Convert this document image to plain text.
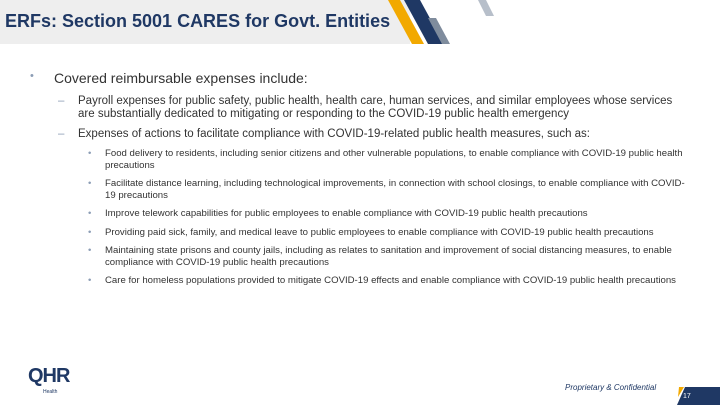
ERFs: Section 5001 CARES for Govt. Entities
• Covered reimbursable expenses include:
– Payroll expenses for public safety, public health, health care, human services, and similar employees whose services are substantially dedicated to mitigating or responding to the COVID-19 public health emergency
– Expenses of actions to facilitate compliance with COVID-19-related public health measures, such as:
• Food delivery to residents, including senior citizens and other vulnerable populations, to enable compliance with COVID-19 public health precautions
• Facilitate distance learning, including technological improvements, in connection with school closings, to enable compliance with COVID-19 precautions
• Improve telework capabilities for public employees to enable compliance with COVID-19 public health precautions
• Providing paid sick, family, and medical leave to public employees to enable compliance with COVID-19 public health precautions
• Maintaining state prisons and county jails, including as relates to sanitation and improvement of social distancing measures, to enable compliance with COVID-19 public health precautions
• Care for homeless populations provided to mitigate COVID-19 effects and enable compliance with COVID-19 public health precautions
QHR
Health	Proprietary & Confidential
17
